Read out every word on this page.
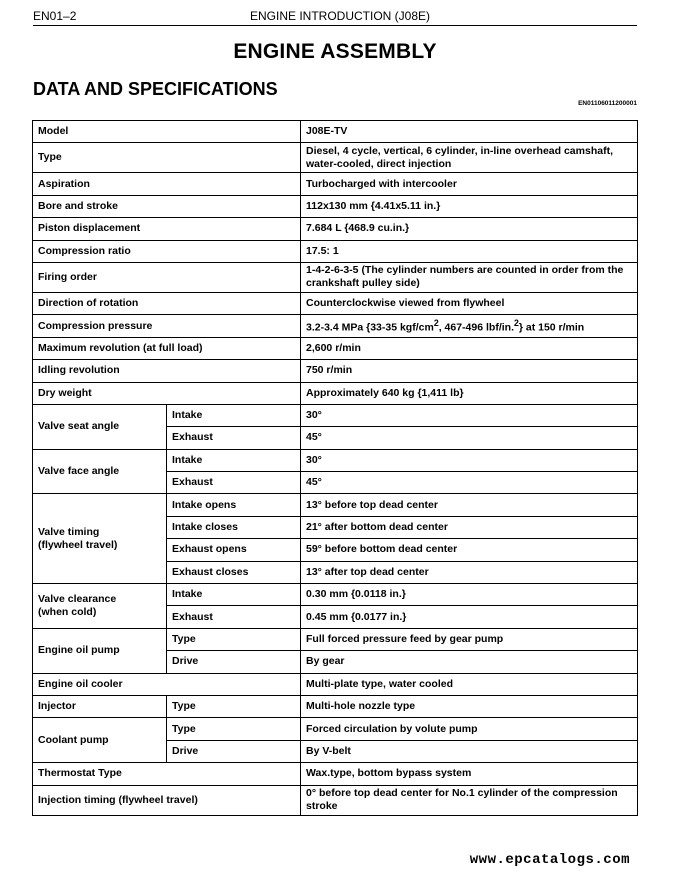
EN01–2	ENGINE INTRODUCTION (J08E)
ENGINE ASSEMBLY
DATA AND SPECIFICATIONS
EN01106011200001
Model		J08E-TV
Type		Diesel, 4 cycle, vertical, 6 cylinder, in-line overhead camshaft, water-cooled, direct injection
Aspiration		Turbocharged with intercooler
Bore and stroke		112x130 mm {4.41x5.11 in.}
Piston displacement		7.684 L {468.9 cu.in.}
Compression ratio		17.5: 1
Firing order		1-4-2-6-3-5 (The cylinder numbers are counted in order from the crankshaft pulley side)
Direction of rotation		Counterclockwise viewed from flywheel
Compression pressure		3.2-3.4 MPa {33-35 kgf/$cm^2$, 467-496 lbf/in.$^2$} at 150 r/min
Maximum revolution (at full load)		2,600 r/min
Idling revolution		750 r/min
Dry weight		Approximately 640 kg {1,411 lb}
Valve seat angle	Intake	30°
	Exhaust	45°
Valve face angle	Intake	30°
	Exhaust	45°

Valve timing
(flywheel travel)	Intake opens	13° before top dead center
	Intake closes	21° after bottom dead center
	Exhaust opens	59° before bottom dead center
	Exhaust closes	13° after top dead center

Valve clearance
(when cold)	Intake	0.30 mm {0.0118 in.}
	Exhaust	0.45 mm {0.0177 in.}
Engine oil pump	Type	Full forced pressure feed by gear pump
	Drive	By gear
Engine oil cooler		Multi-plate type, water cooled
Injector	Type	Multi-hole nozzle type
Coolant pump	Type	Forced circulation by volute pump
	Drive	By V-belt
Thermostat Type		Wax.type, bottom bypass system
Injection timing (flywheel travel)		0° before top dead center for No.1 cylinder of the compression stroke
www.epcatalogs.com
